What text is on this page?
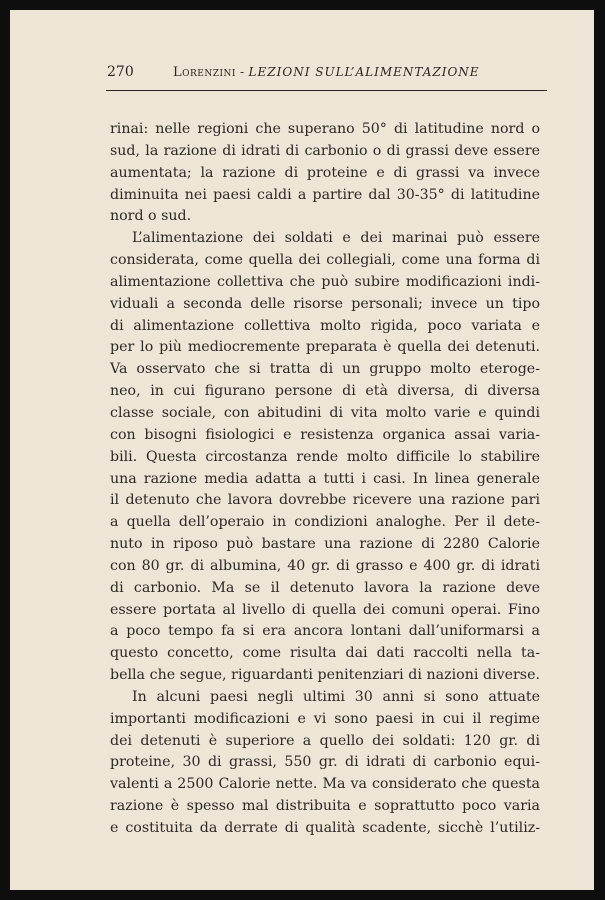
270	Lorenzini - LEZIONI SULL’ALIMENTAZIONE
rinai: nelle regioni che superano 50° di latitudine nord o
sud, la razione di idrati di carbonio o di grassi deve essere
aumentata; la razione di proteine e di grassi va invece
diminuita nei paesi caldi a partire dal 30-35° di latitudine
nord o sud.
L’alimentazione dei soldati e dei marinai può essere
considerata, come quella dei collegiali, come una forma di
alimentazione collettiva che può subire modificazioni indi-
viduali a seconda delle risorse personali; invece un tipo
di alimentazione collettiva molto rigida, poco variata e
per lo più mediocremente preparata è quella dei detenuti.
Va osservato che si tratta di un gruppo molto eteroge-
neo, in cui figurano persone di età diversa, di diversa
classe sociale, con abitudini di vita molto varie e quindi
con bisogni fisiologici e resistenza organica assai varia-
bili. Questa circostanza rende molto difficile lo stabilire
una razione media adatta a tutti i casi. In linea generale
il detenuto che lavora dovrebbe ricevere una razione pari
a quella dell’operaio in condizioni analoghe. Per il dete-
nuto in riposo può bastare una razione di 2280 Calorie
con 80 gr. di albumina, 40 gr. di grasso e 400 gr. di idrati
di carbonio. Ma se il detenuto lavora la razione deve
essere portata al livello di quella dei comuni operai. Fino
a poco tempo fa si era ancora lontani dall’uniformarsi a
questo concetto, come risulta dai dati raccolti nella ta-
bella che segue, riguardanti penitenziari di nazioni diverse.
In alcuni paesi negli ultimi 30 anni si sono attuate
importanti modificazioni e vi sono paesi in cui il regime
dei detenuti è superiore a quello dei soldati: 120 gr. di
proteine, 30 di grassi, 550 gr. di idrati di carbonio equi-
valenti a 2500 Calorie nette. Ma va considerato che questa
razione è spesso mal distribuita e soprattutto poco varia
e costituita da derrate di qualità scadente, sicchè l’utiliz-
